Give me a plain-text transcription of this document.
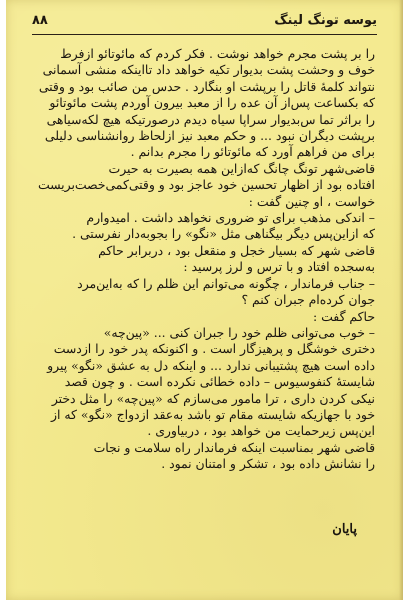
۸۸	یوسه تونگ لینگ
را بر پشت مجرم خواهد نوشت . فکر کردم که مائوتائو ازفرط
خوف و وحشت پشت بدیوار تکیه خواهد داد تااینکه منشی آسمانی
نتواند کلمهٔ قاتل را برپشت او بنگارد . حدس من صائب بود و وقتی
که بکساعت پس‌از آن عده را از معبد بیرون آوردم پشت مائوتائو
را براثر تما س‌بدیوار سراپا سیاه دیدم درصورتیکه هیچ لکه‌سیاهی
برپشت دیگران نبود ... و حکم معبد نیز ازلحاظ روانشناسی دلیلی
برای من فراهم آورد که مائوتائو را مجرم بدانم .
قاضی‌شهر تونگ چانگ که‌ازاین همه بصیرت به حیرت
افتاده بود از اظهار تحسین خود عاجز بود و وقتی‌کمی‌خصت‌بریست
خواست ، او چنین گفت :
– اندکی مذهب برای تو ضروری نخواهد داشت . امیدوارم
که ازاین‌پس دیگر بیگناهی مثل «نگو» را بجوبه‌دار نفرستی .
قاضی شهر که بسیار خجل و منقعل بود ، دربرابر حاکم
به‌سجده افتاد و با ترس و لرز پرسید :
– جناب فرماندار ، چگونه می‌توانم این ظلم را که به‌این‌مرد
جوان کرده‌ام جبران کنم ؟
حاکم گفت :
– خوب می‌توانی ظلم خود را جبران کنی ... «پین‌چه»
دختری خوشگل و پرهیزگار است . و اکنونکه پدر خود را ازدست
داده است هیچ پشتیبانی ندارد ... و اینکه دل به عشق «نگو» پیرو
شایستهٔ کنفوسیوس – داده خطائی نکرده است . و چون قصد
نیکی کردن داری ، ترا مامور می‌سازم که «پین‌چه» را مثل دختر
خود با جهازیکه شایسته مقام تو باشد به‌عقد ازدواج «نگو» که از
این‌پس زیرحمایت من خواهد بود ، دربیاوری .
قاضی شهر بمناسبت اینکه فرماندار راه سلامت و نجات
را نشانش داده بود ، تشکر و امتنان نمود .
پایان
